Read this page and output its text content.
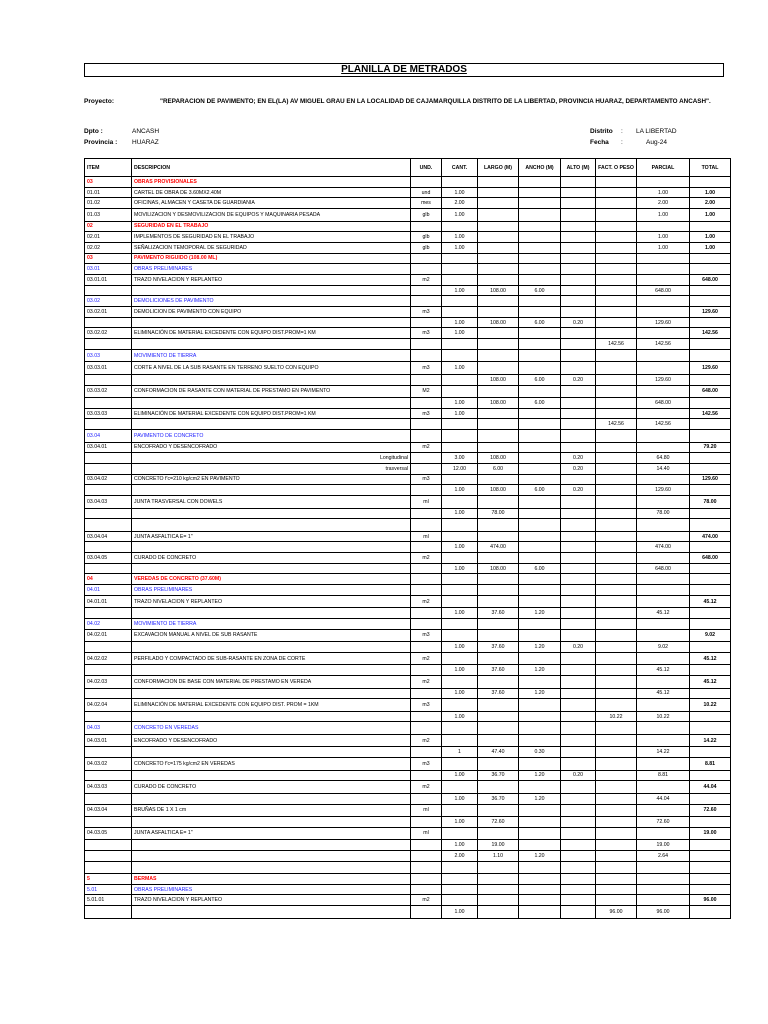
PLANILLA DE METRADOS
Proyecto:	"REPARACION DE PAVIMENTO; EN EL(LA) AV MIGUEL GRAU EN LA LOCALIDAD DE CAJAMARQUILLA DISTRITO DE LA LIBERTAD, PROVINCIA HUARAZ, DEPARTAMENTO ANCASH".
Dpto :	ANCASH
Provincia : HUARAZ
Distrito : LA LIBERTAD
Fecha :	Aug-24
ITEM	DESCRIPCION	UND.	CANT.	LARGO (M)	ANCHO (M)	ALTO (M)	FACT. O PESO	PARCIAL	TOTAL
03	OBRAS PROVISIONALES								
01.01	CARTEL DE OBRA DE 3.60MX2.40M	und	1.00					1.00	1.00
01.02	OFICINAS, ALMACEN Y CASETA DE GUARDIANIA	mes	2.00					2.00	2.00
01.03	MOVILIZACION Y DESMOVILIZACION DE EQUIPOS Y MAQUINARIA PESADA	glb	1.00					1.00	1.00
02	SEGURIDAD EN EL TRABAJO								
02.01	IMPLEMENTOS DE SEGURIDAD EN EL TRABAJO	glb	1.00					1.00	1.00
02.02	SEÑALIZACION TEMOPORAL DE SEGURIDAD	glb	1.00					1.00	1.00
03	PAVIMENTO RIGUIDO (108.00 ML)								
03.01	OBRAS PRELIMINARES								
03.01.01	TRAZO NIVELACION Y REPLANTEO	m2							648.00
			1.00	108.00	6.00			648.00	
03.02	DEMOLICIONES DE PAVIMENTO								
03.02.01	DEMOLICION DE PAVIMENTO CON EQUIPO	m3							129.60
			1.00	108.00	6.00	0.20		129.60	
03.02.02	ELIMINACIÓN DE MATERIAL EXCEDENTE CON EQUIPO DIST.PROM=1 KM	m3	1.00						142.56
							142.56	142.56	
03.03	MOVIMIENTO DE TIERRA								
03.03.01	CORTE A NIVEL DE LA SUB RASANTE EN TERRENO SUELTO CON EQUIPO	m3	1.00						129.60
				108.00	6.00	0.20		129.60	
03.03.02	CONFORMACION DE RASANTE CON MATERIAL DE PRESTAMO EN PAVIMENTO	M2							648.00
			1.00	108.00	6.00			648.00	
03.03.03	ELIMINACIÓN DE MATERIAL EXCEDENTE CON EQUIPO DIST.PROM=1 KM	m3	1.00						142.56
							142.56	142.56	
03.04	PAVIMENTO DE CONCRETO								
03.04.01	ENCOFRADO Y DESENCOFRADO	m2							79.20
	Longitudinal		3.00	108.00		0.20		64.80	
	trasversal		12.00	6.00		0.20		14.40	
03.04.02	CONCRETO f'c=210 kg/cm2 EN PAVIMENTO	m3							129.60
			1.00	108.00	6.00	0.20		129.60	
03.04.03	JUNTA TRASVERSAL CON DOWELS	ml							78.00
			1.00	78.00				78.00	

03.04.04	JUNTA ASFALTICA E= 1"	ml							474.00
			1.00	474.00				474.00	
03.04.05	CURADO DE CONCRETO	m2							648.00
			1.00	108.00	6.00			648.00	
04	VEREDAS DE CONCRETO (37.60M)								
04.01	OBRAS PRELIMINARES								
04.01.01	TRAZO NIVELACION Y REPLANTEO	m2							45.12
			1.00	37.60	1.20			45.12	
04.02	MOVIMIENTO DE TIERRA								
04.02.01	EXCAVACION MANUAL A NIVEL DE SUB RASANTE	m3							9.02
			1.00	37.60	1.20	0.20		9.02	
04.02.02	PERFILADO Y COMPACTADO DE SUB-RASANTE EN ZONA DE CORTE	m2							45.12
			1.00	37.60	1.20			45.12	
04.02.03	CONFORMACION DE BASE CON MATERIAL DE PRESTAMO EN VEREDA	m2							45.12
			1.00	37.60	1.20			45.12	
04.02.04	ELIMINACIÓN DE MATERIAL EXCEDENTE CON EQUIPO DIST. PROM = 1KM	m3							10.22
			1.00				10.22	10.22	
04.03	CONCRETO EN VEREDAS								
04.03.01	ENCOFRADO Y DESENCOFRADO	m2							14.22
			1	47.40	0.30			14.22	
04.03.02	CONCRETO f'c=175 kg/cm2 EN VEREDAS	m3							8.81
			1.00	36.70	1.20	0.20		8.81	
04.03.03	CURADO DE CONCRETO	m2							44.04
			1.00	36.70	1.20			44.04	
04.03.04	BRUÑAS DE 1 X 1 cm	ml							72.60
			1.00	72.60				72.60	
04.03.05	JUNTA ASFALTICA E= 1"	ml							19.00
			1.00	19.00				19.00	
			2.00	1.10	1.20			2.64	

5	BERMAS								
5.01	OBRAS PRELIMINARES								
5.01.01	TRAZO NIVELACION Y REPLANTEO	m2							96.00
			1.00				96.00	96.00	
